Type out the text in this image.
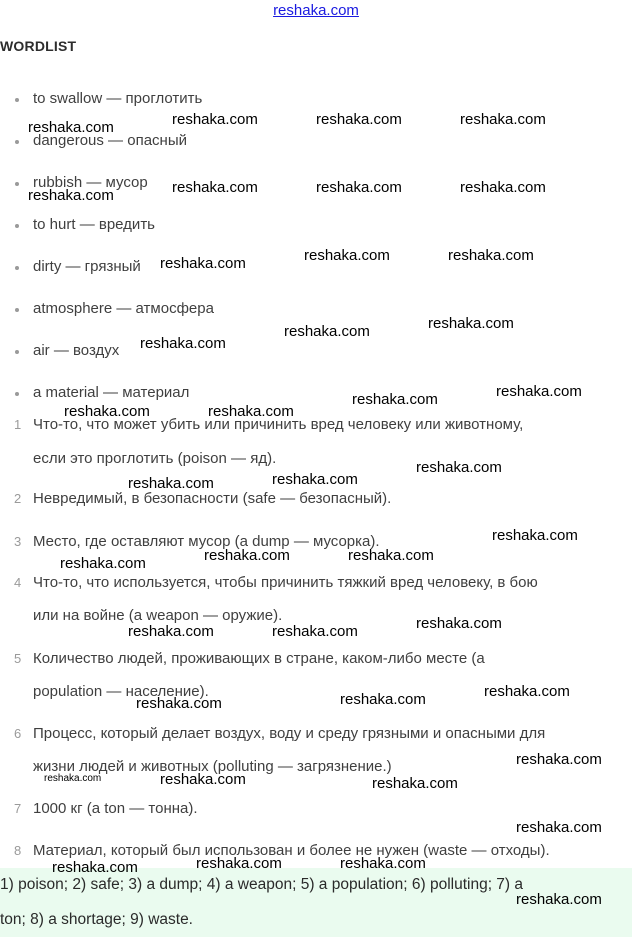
reshaka.com
WORDLIST
to swallow — проглотить
dangerous — опасный
rubbish — мусор
to hurt — вредить
dirty — грязный
atmosphere — атмосфера
air — воздух
a material — материал
1 Что-то, что может убить или причинить вред человеку или животному,
если это проглотить (poison — яд).
2 Невредимый, в безопасности (safe — безопасный).
3 Место, где оставляют мусор (a dump — мусорка).
4 Что-то, что используется, чтобы причинить тяжкий вред человеку, в бою
или на войне (a weapon — оружие).
5 Количество людей, проживающих в стране, каком-либо месте (а
population — население).
6 Процесс, который делает воздух, воду и среду грязными и опасными для
жизни людей и животных (polluting — загрязнение.)
7 1000 кг (a ton — тонна).
8 Материал, который был использован и более не нужен (waste — отходы).
1) poison; 2) safe; 3) a dump; 4) a weapon; 5) a population; 6) polluting; 7) a
ton; 8) a shortage; 9) waste.
reshaka.com	reshaka.com	reshaka.com	reshaka.com
reshaka.com	reshaka.com	reshaka.com	reshaka.com
reshaka.com	reshaka.com	reshaka.com
reshaka.com	reshaka.com
reshaka.com
reshaka.com	reshaka.com
reshaka.com	reshaka.com
reshaka.com
reshaka.com	reshaka.com
reshaka.com
reshaka.com	reshaka.com
reshaka.com
reshaka.com
reshaka.com	reshaka.com
reshaka.com
reshaka.com
reshaka.com
reshaka.com
reshaka.com	reshaka.com	reshaka.com
reshaka.com
reshaka.com	reshaka.com	reshaka.com
reshaka.com
